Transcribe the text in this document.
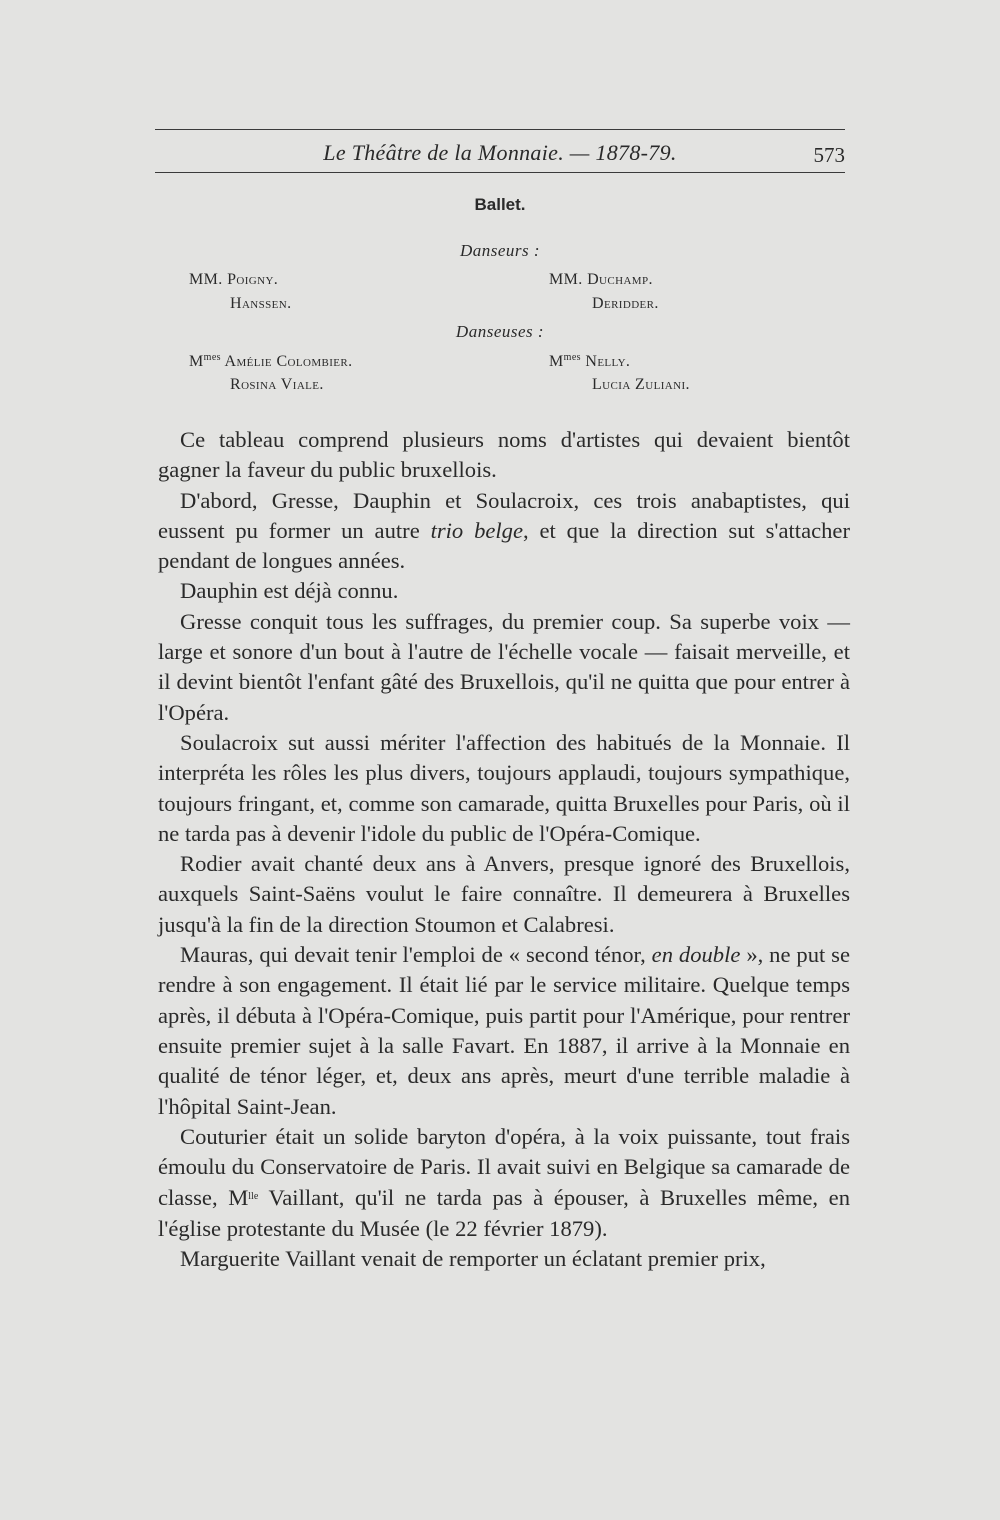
Le Théâtre de la Monnaie. — 1878-79.	573
Ballet.
Danseurs :
MM. Poigny.
Hanssen.
MM. Duchamp.
Deridder.
Danseuses :
$M^{mes}$ Amélie Colombier.
Rosina Viale.
$M^{mes}$ Nelly.
Lucia Zuliani.

Ce tableau comprend plusieurs noms d'artistes qui devaient bientôt gagner la faveur du public bruxellois.

D'abord, Gresse, Dauphin et Soulacroix, ces trois anabaptistes, qui eussent pu former un autre trio belge, et que la direction sut s'attacher pendant de longues années.

Dauphin est déjà connu.

Gresse conquit tous les suffrages, du premier coup. Sa superbe voix — large et sonore d'un bout à l'autre de l'échelle vocale — faisait merveille, et il devint bientôt l'enfant gâté des Bruxellois, qu'il ne quitta que pour entrer à l'Opéra.

Soulacroix sut aussi mériter l'affection des habitués de la Monnaie. Il interpréta les rôles les plus divers, toujours applaudi, toujours sympathique, toujours fringant, et, comme son camarade, quitta Bruxelles pour Paris, où il ne tarda pas à devenir l'idole du public de l'Opéra-Comique.

Rodier avait chanté deux ans à Anvers, presque ignoré des Bruxellois, auxquels Saint-Saëns voulut le faire connaître. Il demeurera à Bruxelles jusqu'à la fin de la direction Stoumon et Calabresi.

Mauras, qui devait tenir l'emploi de « second ténor, en double », ne put se rendre à son engagement. Il était lié par le service militaire. Quelque temps après, il débuta à l'Opéra-Comique, puis partit pour l'Amérique, pour rentrer ensuite premier sujet à la salle Favart. En 1887, il arrive à la Monnaie en qualité de ténor léger, et, deux ans après, meurt d'une terrible maladie à l'hôpital Saint-Jean.

Couturier était un solide baryton d'opéra, à la voix puissante, tout frais émoulu du Conservatoire de Paris. Il avait suivi en Belgique sa camarade de classe, $M^{lle}$ Vaillant, qu'il ne tarda pas à épouser, à Bruxelles même, en l'église protestante du Musée (le 22 février 1879).

Marguerite Vaillant venait de remporter un éclatant premier prix,
